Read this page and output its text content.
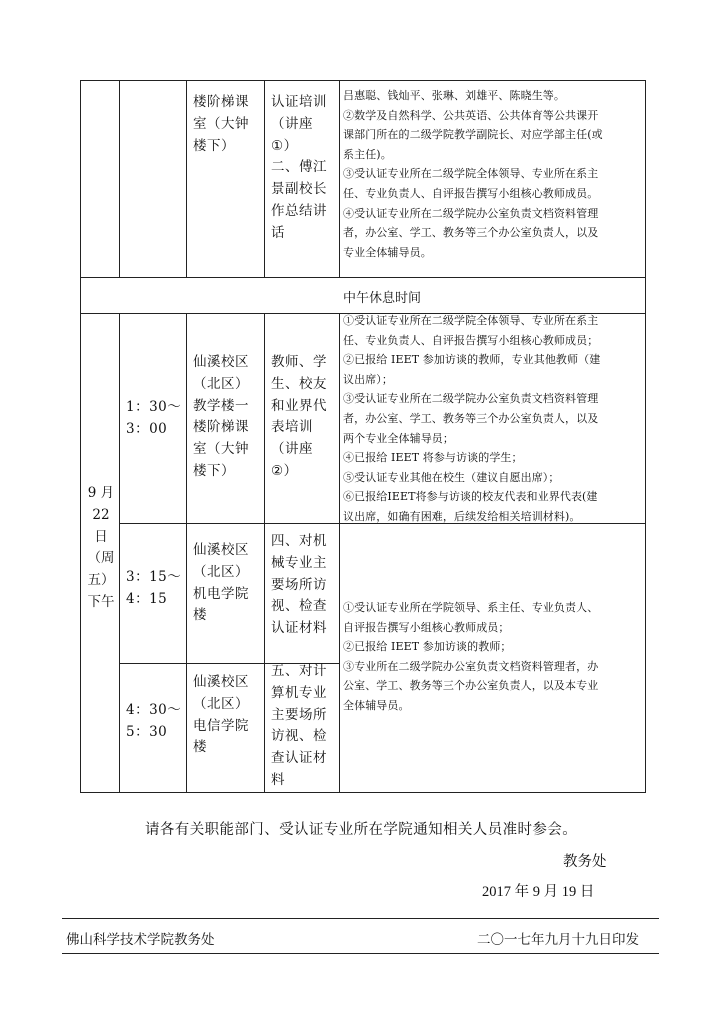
楼阶梯课
室（大钟
楼下）
认证培训
（讲座
①）
二、傅江
景副校长
作总结讲
话
吕惠聪、钱灿平、张琳、刘雄平、陈晓生等。
②数学及自然科学、公共英语、公共体育等公共课开
课部门所在的二级学院教学副院长、对应学部主任(或
系主任)。
③受认证专业所在二级学院全体领导、专业所在系主
任、专业负责人、自评报告撰写小组核心教师成员。
④受认证专业所在二级学院办公室负责文档资料管理
者，办公室、学工、教务等三个办公室负责人，以及
专业全体辅导员。
中午休息时间
9 月
22
日
（周
五）
下午
1：30～
3：00
仙溪校区
（北区）
教学楼一
楼阶梯课
室（大钟
楼下）
教师、学
生、校友
和业界代
表培训
（讲座
②）
①受认证专业所在二级学院全体领导、专业所在系主
任、专业负责人、自评报告撰写小组核心教师成员；
②已报给 IEET 参加访谈的教师，专业其他教师（建
议出席）；
③受认证专业所在二级学院办公室负责文档资料管理
者，办公室、学工、教务等三个办公室负责人，以及
两个专业全体辅导员；
④已报给 IEET 将参与访谈的学生；
⑤受认证专业其他在校生（建议自愿出席）；
⑥已报给IEET将参与访谈的校友代表和业界代表(建
议出席，如确有困难，后续发给相关培训材料)。
3：15～
4：15
仙溪校区
（北区）
机电学院
楼
四、对机
械专业主
要场所访
视、检查
认证材料
4：30～
5：30
仙溪校区
（北区）
电信学院
楼
五、对计
算机专业
主要场所
访视、检
查认证材
料
①受认证专业所在学院领导、系主任、专业负责人、
自评报告撰写小组核心教师成员；
②已报给 IEET 参加访谈的教师；
③专业所在二级学院办公室负责文档资料管理者，办
公室、学工、教务等三个办公室负责人，以及本专业
全体辅导员。
请各有关职能部门、受认证专业所在学院通知相关人员准时参会。
教务处
2017 年 9 月 19 日
佛山科学技术学院教务处	二〇一七年九月十九日印发
